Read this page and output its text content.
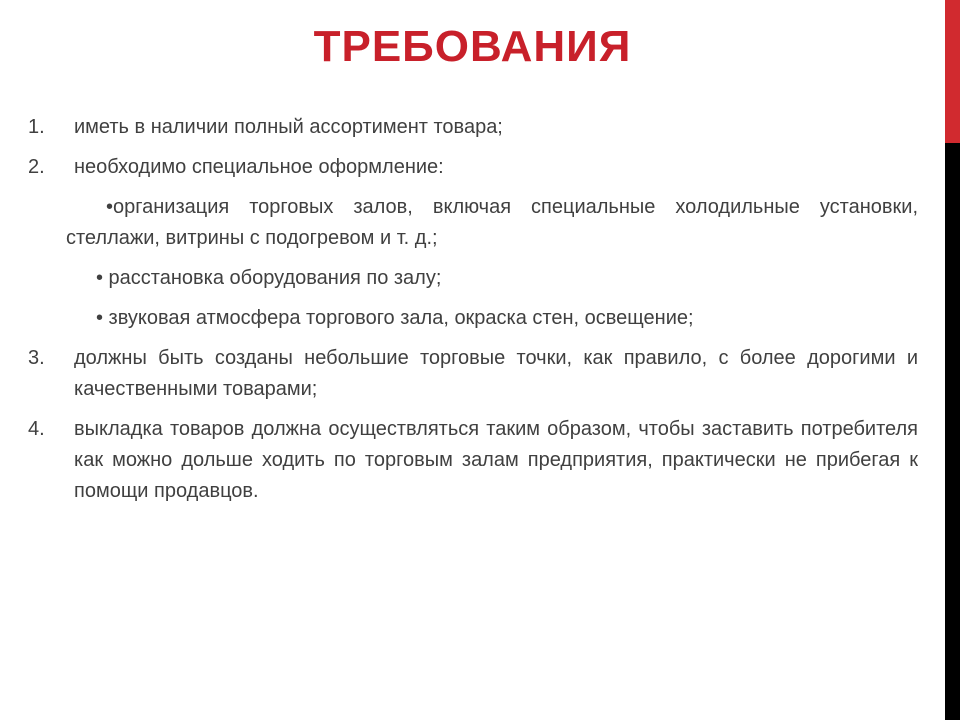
ТРЕБОВАНИЯ
1.	иметь в наличии полный ассортимент товара;
2.	необходимо специальное оформление:
•организация торговых залов, включая специальные холодильные установки, стеллажи, витрины с подогревом и т. д.;
• расстановка оборудования по залу;
• звуковая атмосфера торгового зала, окраска стен, освещение;
3.	должны быть созданы небольшие торговые точки, как правило, с более дорогими и качественными товарами;
4.	выкладка товаров должна осуществляться таким образом, чтобы заставить потребителя как можно дольше ходить по торговым залам предприятия, практически не прибегая к помощи продавцов.
